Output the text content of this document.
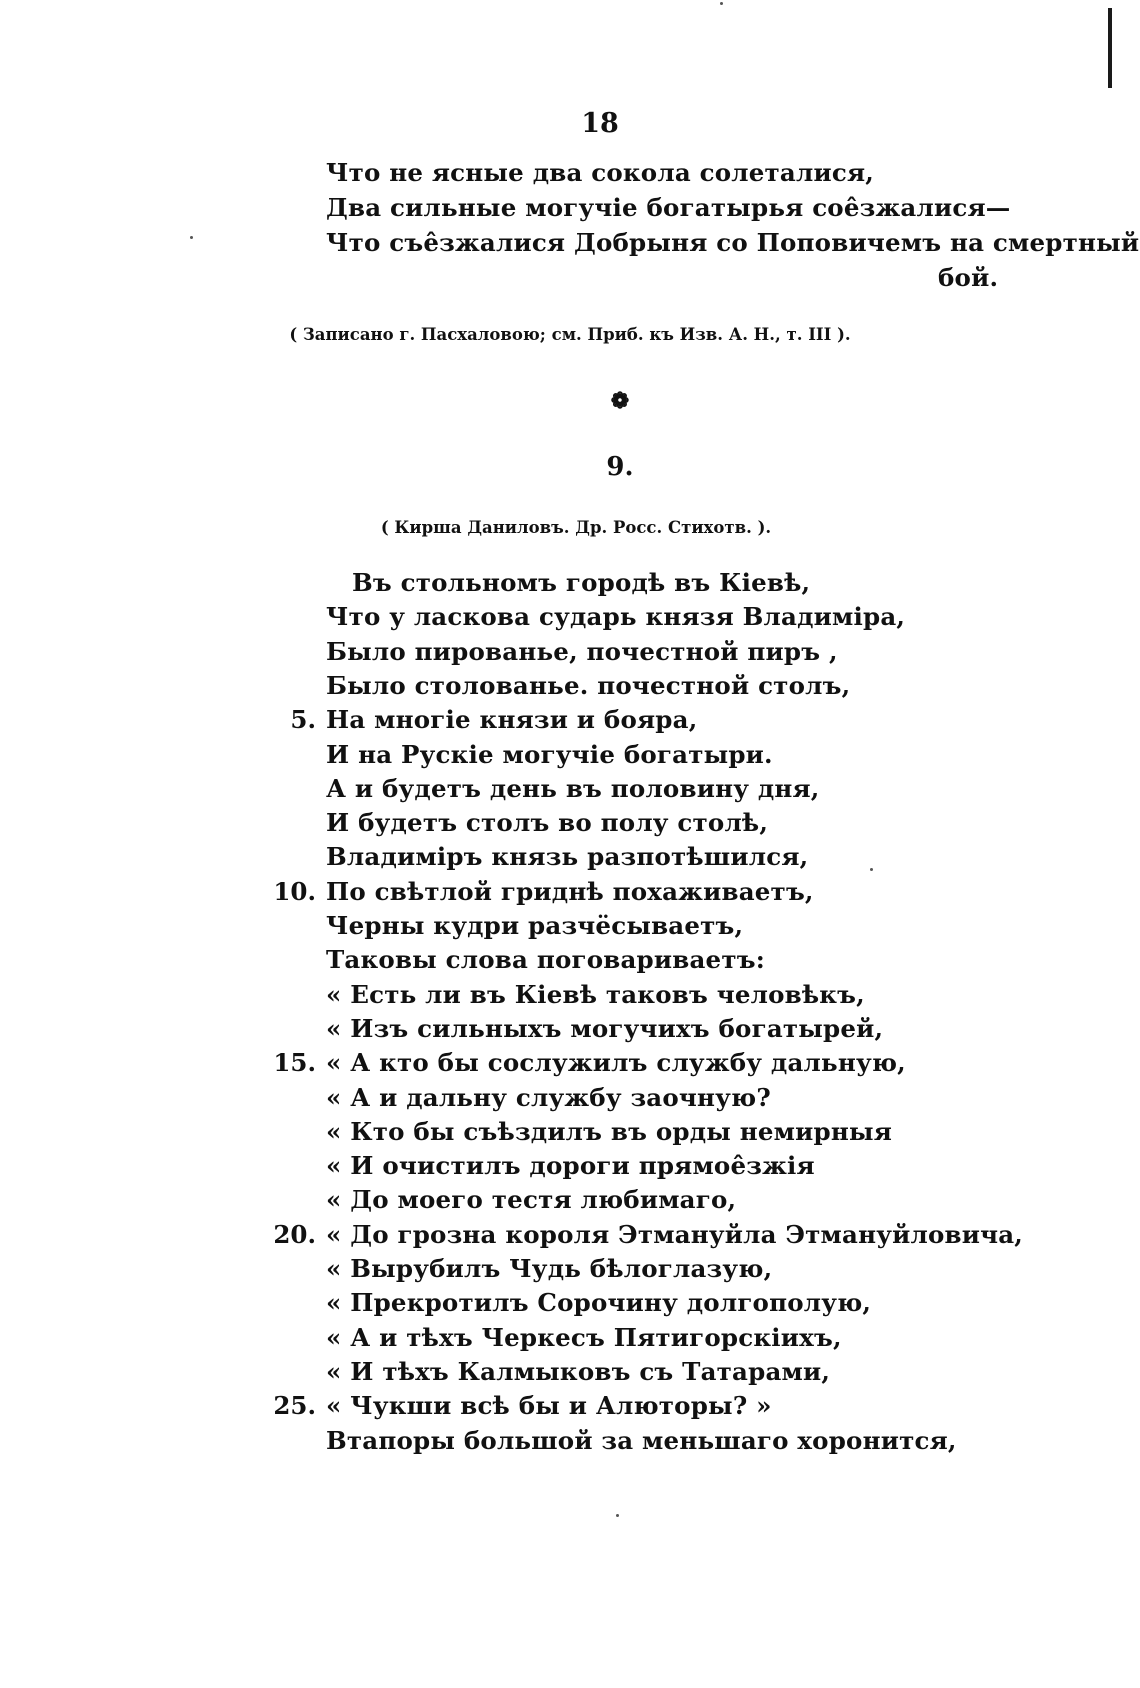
18
Что не ясные два сокола солеталися,
Два сильные могучіе богатырья сое̂зжалися—
Что съе̂зжалися Добрыня со Поповичемъ на смертный
бой.
( Записано г. Пасхаловою; см. Приб. къ Изв. А. Н., т. III ).
❁
9.
( Кирша Даниловъ. Др. Росс. Стихотв. ).
Въ стольномъ городѣ въ Кіевѣ,
Что у ласкова сударь князя Владиміра,
Было пированье, почестной пиръ ,
Было столованье. почестной столъ,
5. На многіе князи и бояра,
И на Рускіе могучіе богатыри.
А и будетъ день въ половину дня,
И будетъ столъ во полу столѣ,
Владиміръ князь разпотѣшился,
10. По свѣтлой гриднѣ похаживаетъ,
Черны кудри разчёсываетъ,
Таковы слова поговариваетъ:
« Есть ли въ Кіевѣ таковъ человѣкъ,
« Изъ сильныхъ могучихъ богатырей,
15. « А кто бы сослужилъ службу дальную,
« А и дальну службу заочную?
« Кто бы съѣздилъ въ орды немирныя
« И очистилъ дороги прямое̂зжія
« До моего тестя любимаго,
20. « До грозна короля Этмануйла Этмануйловича,
« Вырубилъ Чудь бѣлоглазую,
« Прекротилъ Сорочину долгополую,
« А и тѣхъ Черкесъ Пятигорскіихъ,
« И тѣхъ Калмыковъ съ Татарами,
25. « Чукши всѣ бы и Алюторы? »
Втапоры большой за меньшаго хоронится,
